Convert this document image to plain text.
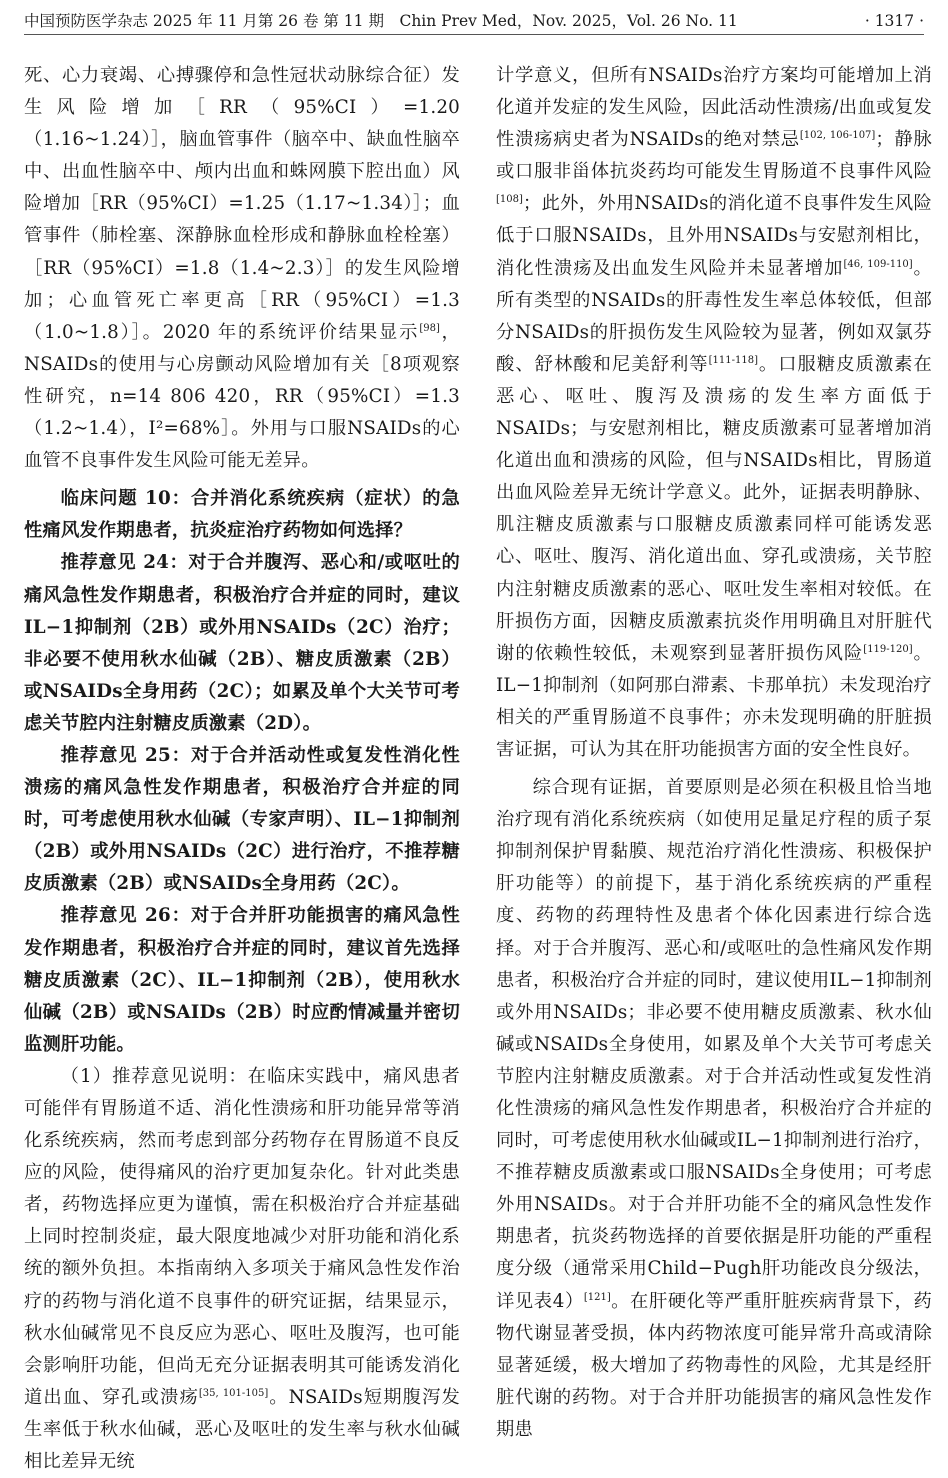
中国预防医学杂志 2025 年 11 月第 26 卷 第 11 期　Chin Prev Med，Nov. 2025，Vol. 26 No. 11	· 1317 ·

死、心力衰竭、心搏骤停和急性冠状动脉综合征）发生风险增加［RR（95%CI）=1.20（1.16~1.24）］，脑血管事件（脑卒中、缺血性脑卒中、出血性脑卒中、颅内出血和蛛网膜下腔出血）风险增加［RR（95%CI）=1.25（1.17~1.34）］；血管事件（肺栓塞、深静脉血栓形成和静脉血栓栓塞）［RR（95%CI）=1.8（1.4~2.3）］的发生风险增加；心血管死亡率更高［RR（95%CI）=1.3（1.0~1.8）］。2020 年的系统评价结果显示[98]，NSAIDs的使用与心房颤动风险增加有关［8项观察性研究，n=14 806 420，RR（95%CI）=1.3（1.2~1.4），I²=68%］。外用与口服NSAIDs的心血管不良事件发生风险可能无差异。

临床问题 10：合并消化系统疾病（症状）的急性痛风发作期患者，抗炎症治疗药物如何选择？

推荐意见 24：对于合并腹泻、恶心和/或呕吐的痛风急性发作期患者，积极治疗合并症的同时，建议IL−1抑制剂（2B）或外用NSAIDs（2C）治疗；非必要不使用秋水仙碱（2B）、糖皮质激素（2B）或NSAIDs全身用药（2C）；如累及单个大关节可考虑关节腔内注射糖皮质激素（2D）。

推荐意见 25：对于合并活动性或复发性消化性溃疡的痛风急性发作期患者，积极治疗合并症的同时，可考虑使用秋水仙碱（专家声明）、IL−1抑制剂（2B）或外用NSAIDs（2C）进行治疗，不推荐糖皮质激素（2B）或NSAIDs全身用药（2C）。

推荐意见 26：对于合并肝功能损害的痛风急性发作期患者，积极治疗合并症的同时，建议首先选择糖皮质激素（2C）、IL−1抑制剂（2B），使用秋水仙碱（2B）或NSAIDs（2B）时应酌情减量并密切监测肝功能。

（1）推荐意见说明：在临床实践中，痛风患者可能伴有胃肠道不适、消化性溃疡和肝功能异常等消化系统疾病，然而考虑到部分药物存在胃肠道不良反应的风险，使得痛风的治疗更加复杂化。针对此类患者，药物选择应更为谨慎，需在积极治疗合并症基础上同时控制炎症，最大限度地减少对肝功能和消化系统的额外负担。本指南纳入多项关于痛风急性发作治疗的药物与消化道不良事件的研究证据，结果显示，秋水仙碱常见不良反应为恶心、呕吐及腹泻，也可能会影响肝功能，但尚无充分证据表明其可能诱发消化道出血、穿孔或溃疡[35, 101-105]。NSAIDs短期腹泻发生率低于秋水仙碱，恶心及呕吐的发生率与秋水仙碱相比差异无统

计学意义，但所有NSAIDs治疗方案均可能增加上消化道并发症的发生风险，因此活动性溃疡/出血或复发性溃疡病史者为NSAIDs的绝对禁忌[102, 106-107]；静脉或口服非甾体抗炎药均可能发生胃肠道不良事件风险[108]；此外，外用NSAIDs的消化道不良事件发生风险低于口服NSAIDs，且外用NSAIDs与安慰剂相比，消化性溃疡及出血发生风险并未显著增加[46, 109-110]。所有类型的NSAIDs的肝毒性发生率总体较低，但部分NSAIDs的肝损伤发生风险较为显著，例如双氯芬酸、舒林酸和尼美舒利等[111-118]。口服糖皮质激素在恶心、呕吐、腹泻及溃疡的发生率方面低于NSAIDs；与安慰剂相比，糖皮质激素可显著增加消化道出血和溃疡的风险，但与NSAIDs相比，胃肠道出血风险差异无统计学意义。此外，证据表明静脉、肌注糖皮质激素与口服糖皮质激素同样可能诱发恶心、呕吐、腹泻、消化道出血、穿孔或溃疡，关节腔内注射糖皮质激素的恶心、呕吐发生率相对较低。在肝损伤方面，因糖皮质激素抗炎作用明确且对肝脏代谢的依赖性较低，未观察到显著肝损伤风险[119-120]。IL−1抑制剂（如阿那白滞素、卡那单抗）未发现治疗相关的严重胃肠道不良事件；亦未发现明确的肝脏损害证据，可认为其在肝功能损害方面的安全性良好。

综合现有证据，首要原则是必须在积极且恰当地治疗现有消化系统疾病（如使用足量足疗程的质子泵抑制剂保护胃黏膜、规范治疗消化性溃疡、积极保护肝功能等）的前提下，基于消化系统疾病的严重程度、药物的药理特性及患者个体化因素进行综合选择。对于合并腹泻、恶心和/或呕吐的急性痛风发作期患者，积极治疗合并症的同时，建议使用IL−1抑制剂或外用NSAIDs；非必要不使用糖皮质激素、秋水仙碱或NSAIDs全身使用，如累及单个大关节可考虑关节腔内注射糖皮质激素。对于合并活动性或复发性消化性溃疡的痛风急性发作期患者，积极治疗合并症的同时，可考虑使用秋水仙碱或IL−1抑制剂进行治疗，不推荐糖皮质激素或口服NSAIDs全身使用；可考虑外用NSAIDs。对于合并肝功能不全的痛风急性发作期患者，抗炎药物选择的首要依据是肝功能的严重程度分级（通常采用Child−Pugh肝功能改良分级法，详见表4）[121]。在肝硬化等严重肝脏疾病背景下，药物代谢显著受损，体内药物浓度可能异常升高或清除显著延缓，极大增加了药物毒性的风险，尤其是经肝脏代谢的药物。对于合并肝功能损害的痛风急性发作期患
